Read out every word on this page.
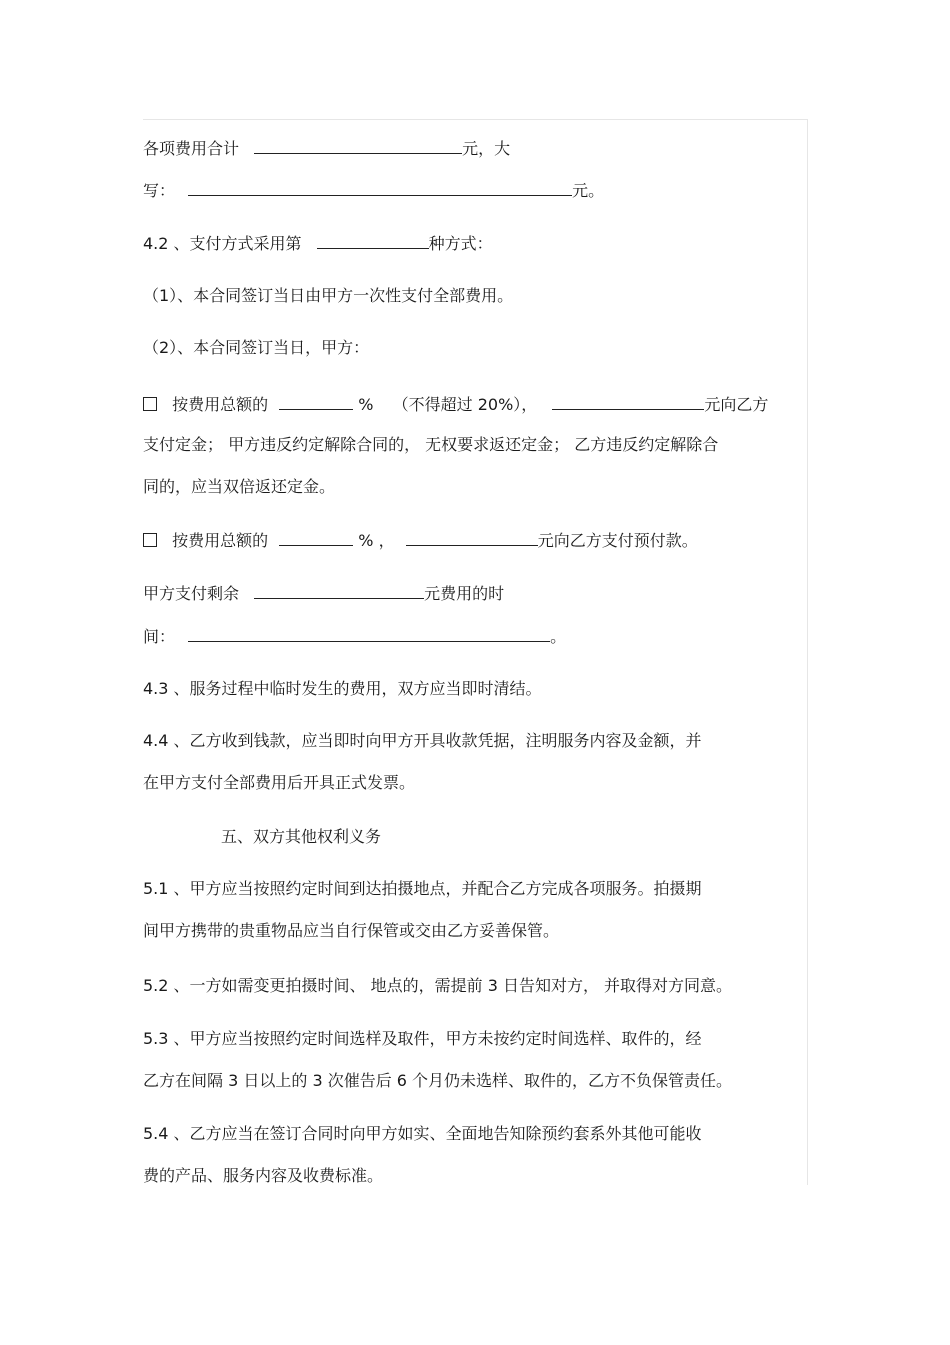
各项费用合计	元，大
写：	元。
4.2 、支付方式采用第	种方式：
（1）、本合同签订当日由甲方一次性支付全部费用。
（2）、本合同签订当日，甲方：
按费用总额的	% （不得超过 20%），	元向乙方
支付定金； 甲方违反约定解除合同的， 无权要求返还定金； 乙方违反约定解除合
同的，应当双倍返还定金。
按费用总额的	% ，	元向乙方支付预付款。
甲方支付剩余	元费用的时
间：	。
4.3 、服务过程中临时发生的费用，双方应当即时清结。
4.4 、乙方收到钱款，应当即时向甲方开具收款凭据，注明服务内容及金额，并
在甲方支付全部费用后开具正式发票。
五、双方其他权利义务
5.1 、甲方应当按照约定时间到达拍摄地点，并配合乙方完成各项服务。拍摄期
间甲方携带的贵重物品应当自行保管或交由乙方妥善保管。
5.2 、一方如需变更拍摄时间、 地点的，需提前 3 日告知对方， 并取得对方同意。
5.3 、甲方应当按照约定时间选样及取件，甲方未按约定时间选样、取件的，经
乙方在间隔 3 日以上的 3 次催告后 6 个月仍未选样、取件的，乙方不负保管责任。
5.4 、乙方应当在签订合同时向甲方如实、全面地告知除预约套系外其他可能收
费的产品、服务内容及收费标准。
